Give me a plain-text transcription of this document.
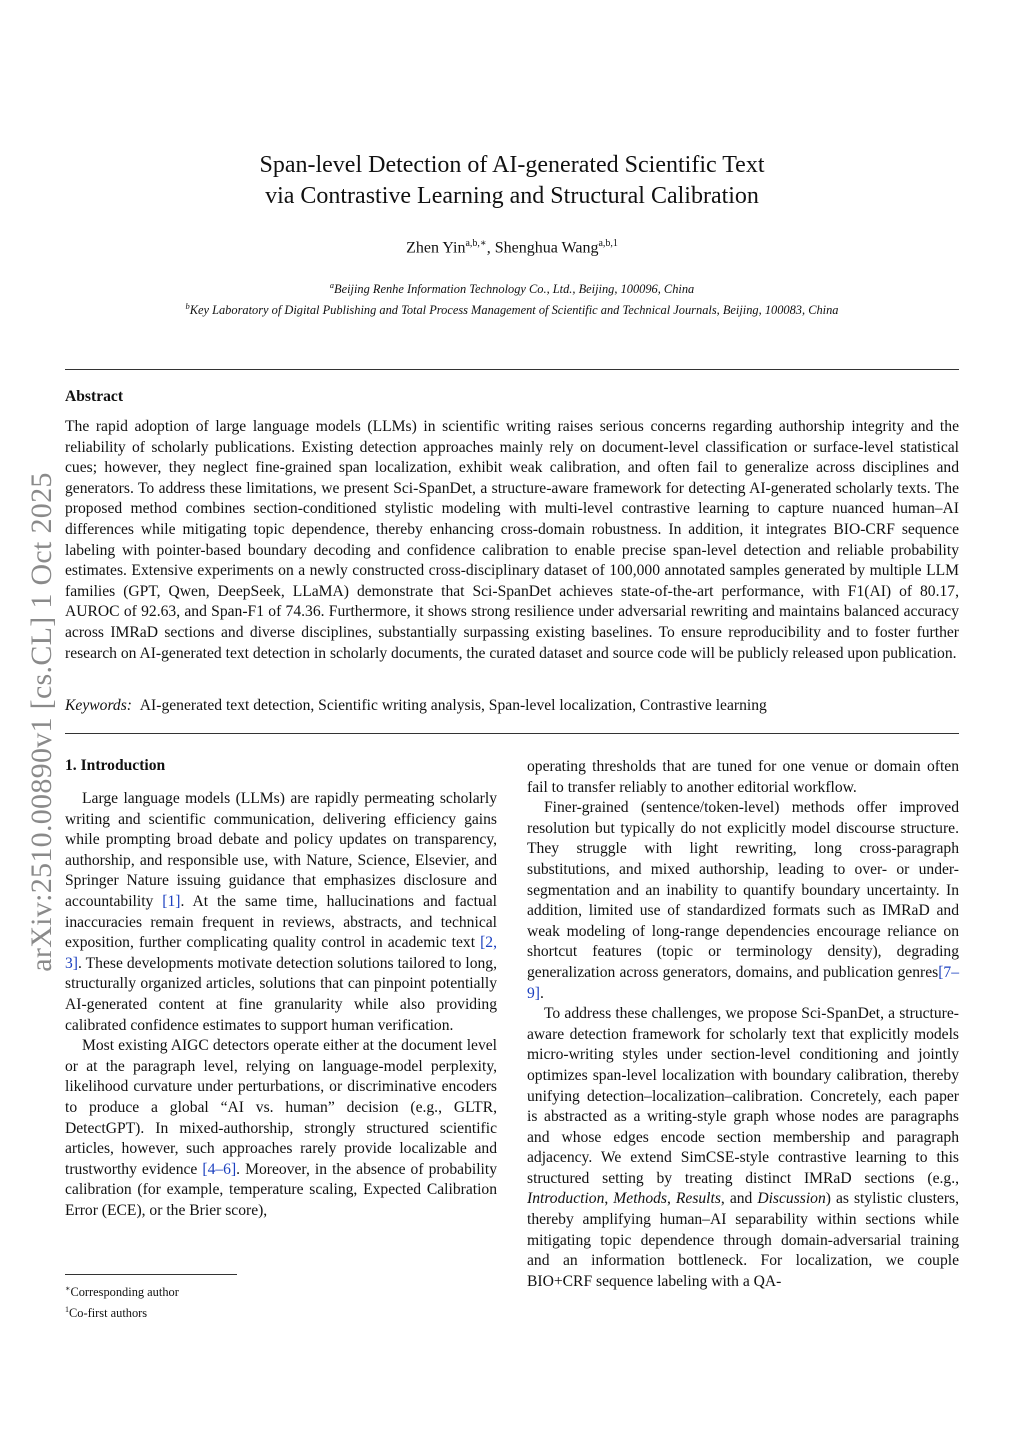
arXiv:2510.00890v1 [cs.CL] 1 Oct 2025
Span-level Detection of AI-generated Scientific Text
via Contrastive Learning and Structural Calibration
Zhen Yin$^{a,b,∗}$, Shenghua Wang$^{a,b,1}$
$^a$Beijing Renhe Information Technology Co., Ltd., Beijing, 100096, China
$^b$Key Laboratory of Digital Publishing and Total Process Management of Scientific and Technical Journals, Beijing, 100083, China
Abstract

The rapid adoption of large language models (LLMs) in scientific writing raises serious concerns regarding authorship integrity and the reliability of scholarly publications. Existing detection approaches mainly rely on document-level classification or surface-level statistical cues; however, they neglect fine-grained span localization, exhibit weak calibration, and often fail to generalize across disciplines and generators. To address these limitations, we present Sci-SpanDet, a structure-aware framework for detecting AI-generated scholarly texts. The proposed method combines section-conditioned stylistic modeling with multi-level contrastive learning to capture nuanced human–AI differences while mitigating topic dependence, thereby enhancing cross-domain robustness. In addition, it integrates BIO-CRF sequence labeling with pointer-based boundary decoding and confidence calibration to enable precise span-level detection and reliable probability estimates. Extensive experiments on a newly constructed cross-disciplinary dataset of 100,000 annotated samples generated by multiple LLM families (GPT, Qwen, DeepSeek, LLaMA) demonstrate that Sci-SpanDet achieves state-of-the-art performance, with F1(AI) of 80.17, AUROC of 92.63, and Span-F1 of 74.36. Furthermore, it shows strong resilience under adversarial rewriting and maintains balanced accuracy across IMRaD sections and diverse disciplines, substantially surpassing existing baselines. To ensure reproducibility and to foster further research on AI-generated text detection in scholarly documents, the curated dataset and source code will be publicly released upon publication.

Keywords: AI-generated text detection, Scientific writing analysis, Span-level localization, Contrastive learning
1. Introduction

Large language models (LLMs) are rapidly permeating scholarly writing and scientific communication, delivering efficiency gains while prompting broad debate and policy updates on transparency, authorship, and responsible use, with Nature, Science, Elsevier, and Springer Nature issuing guidance that emphasizes disclosure and accountability [1]. At the same time, hallucinations and factual inaccuracies remain frequent in reviews, abstracts, and technical exposition, further complicating quality control in academic text [2, 3]. These developments motivate detection solutions tailored to long, structurally organized articles, solutions that can pinpoint potentially AI-generated content at fine granularity while also providing calibrated confidence estimates to support human verification.

Most existing AIGC detectors operate either at the document level or at the paragraph level, relying on language-model perplexity, likelihood curvature under perturbations, or discriminative encoders to produce a global “AI vs. human” decision (e.g., GLTR, DetectGPT). In mixed-authorship, strongly structured scientific articles, however, such approaches rarely provide localizable and trustworthy evidence [4–6]. Moreover, in the absence of probability calibration (for example, temperature scaling, Expected Calibration Error (ECE), or the Brier score),

operating thresholds that are tuned for one venue or domain often fail to transfer reliably to another editorial workflow.

Finer-grained (sentence/token-level) methods offer improved resolution but typically do not explicitly model discourse structure. They struggle with light rewriting, long cross-paragraph substitutions, and mixed authorship, leading to over- or under-segmentation and an inability to quantify boundary uncertainty. In addition, limited use of standardized formats such as IMRaD and weak modeling of long-range dependencies encourage reliance on shortcut features (topic or terminology density), degrading generalization across generators, domains, and publication genres[7–9].

To address these challenges, we propose Sci-SpanDet, a structure-aware detection framework for scholarly text that explicitly models micro-writing styles under section-level conditioning and jointly optimizes span-level localization with boundary calibration, thereby unifying detection–localization–calibration. Concretely, each paper is abstracted as a writing-style graph whose nodes are paragraphs and whose edges encode section membership and paragraph adjacency. We extend SimCSE-style contrastive learning to this structured setting by treating distinct IMRaD sections (e.g., Introduction, Methods, Results, and Discussion) as stylistic clusters, thereby amplifying human–AI separability within sections while mitigating topic dependence through domain-adversarial training and an information bottleneck. For localization, we couple BIO+CRF sequence labeling with a QA-

∗Corresponding author
$^1$Co-first authors
